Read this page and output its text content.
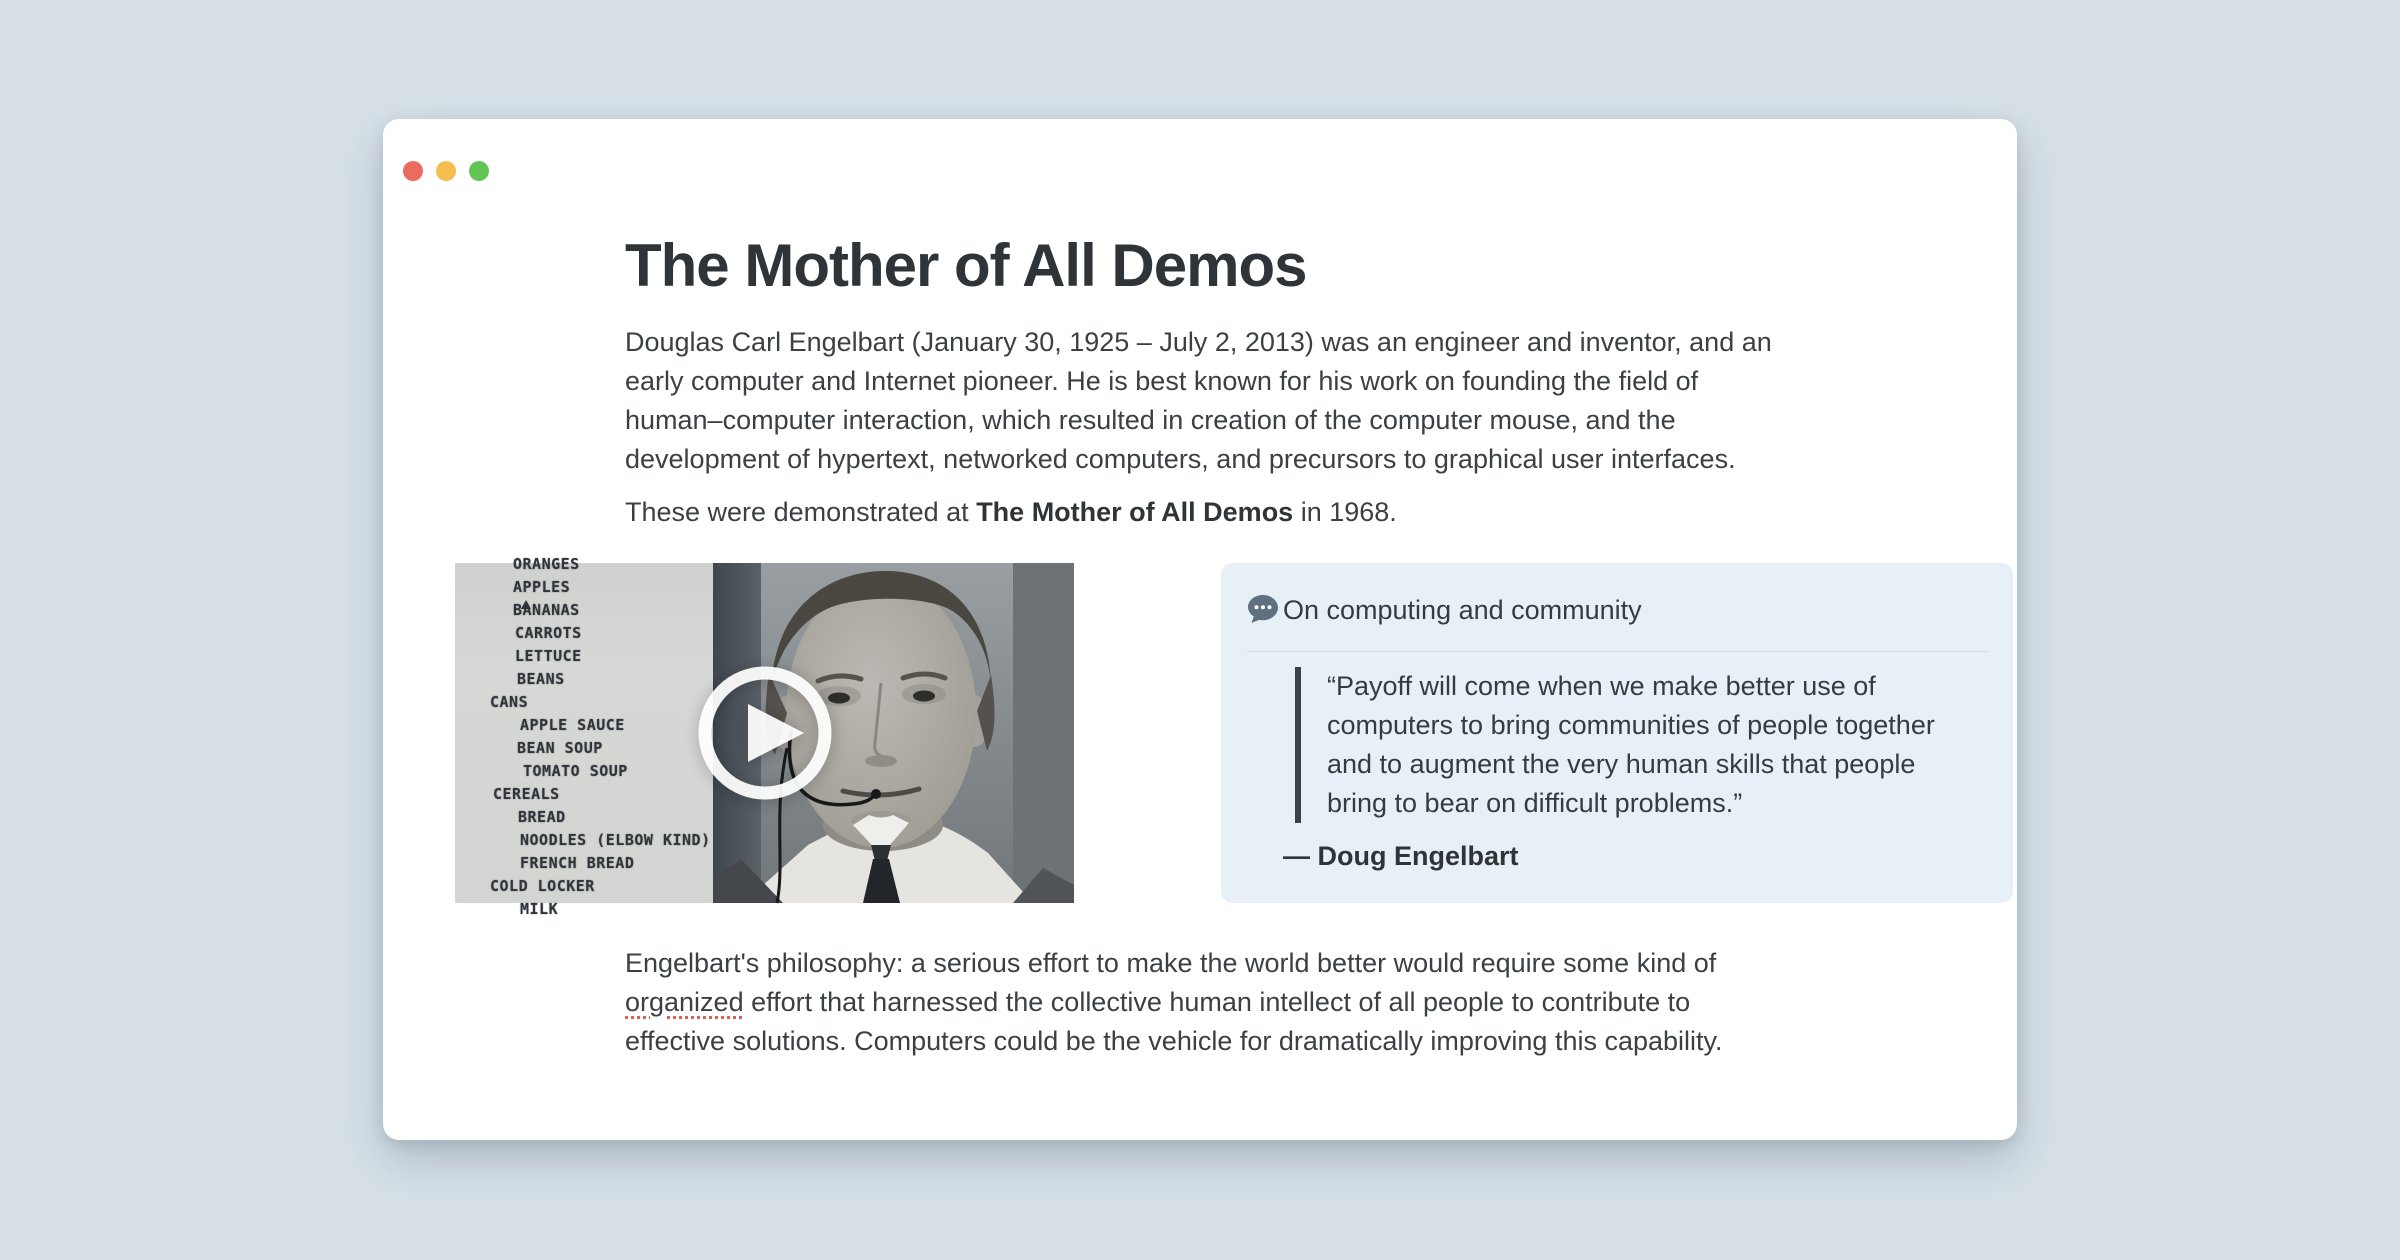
The Mother of All Demos
Douglas Carl Engelbart (January 30, 1925 – July 2, 2013) was an engineer and inventor, and an
early computer and Internet pioneer. He is best known for his work on founding the field of
human–computer interaction, which resulted in creation of the computer mouse, and the
development of hypertext, networked computers, and precursors to graphical user interfaces.
These were demonstrated at The Mother of All Demos in 1968.
ORANGES
APPLES
BANANAS
CARROTS
LETTUCE
BEANS
CANS
APPLE SAUCE
BEAN SOUP
TOMATO SOUP
CEREALS
BREAD
NOODLES (ELBOW KIND)
FRENCH BREAD
COLD LOCKER
MILK
On computing and community
“Payoff will come when we make better use of
computers to bring communities of people together
and to augment the very human skills that people
bring to bear on difficult problems.”
— Doug Engelbart
Engelbart's philosophy: a serious effort to make the world better would require some kind of
organized effort that harnessed the collective human intellect of all people to contribute to
effective solutions. Computers could be the vehicle for dramatically improving this capability.
